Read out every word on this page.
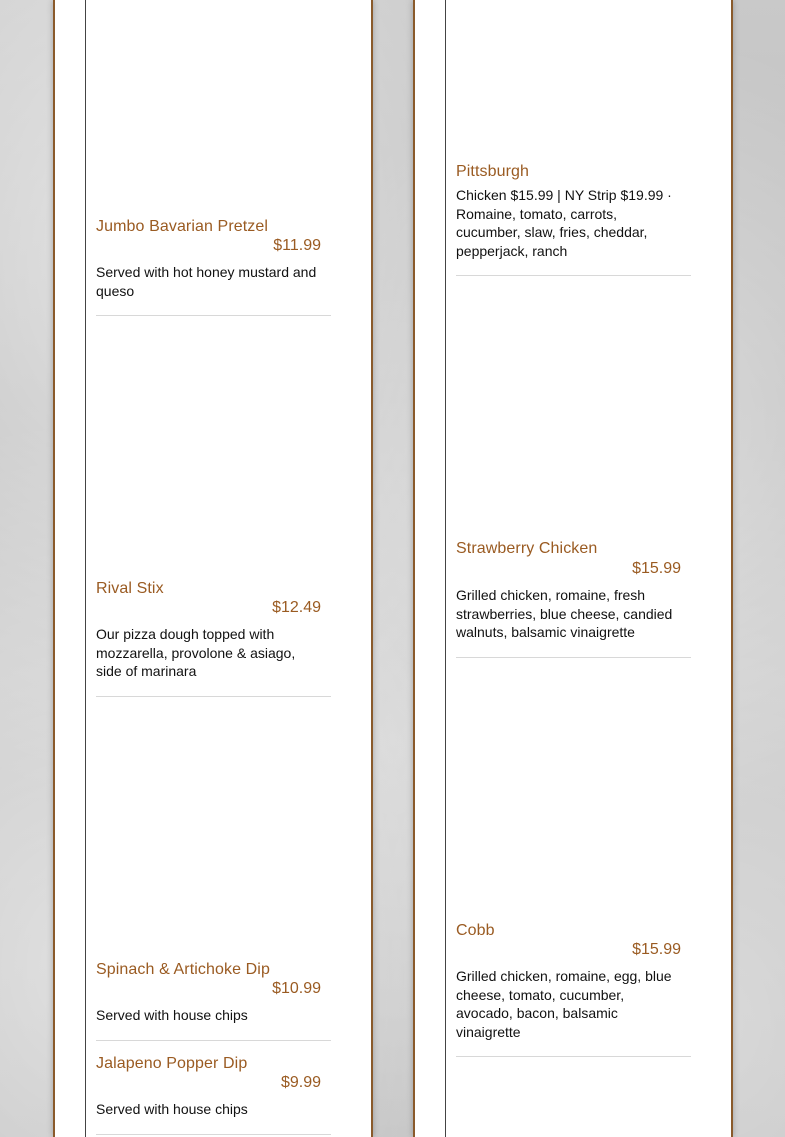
Jumbo Bavarian Pretzel
$11.99
Served with hot honey mustard and queso
Rival Stix
$12.49
Our pizza dough topped with mozzarella, provolone & asiago, side of marinara
Spinach & Artichoke Dip
$10.99
Served with house chips
Jalapeno Popper Dip
$9.99
Served with house chips
Pittsburgh
Chicken $15.99 | NY Strip $19.99 · Romaine, tomato, carrots, cucumber, slaw, fries, cheddar, pepperjack, ranch
Strawberry Chicken
$15.99
Grilled chicken, romaine, fresh strawberries, blue cheese, candied walnuts, balsamic vinaigrette
Cobb
$15.99
Grilled chicken, romaine, egg, blue cheese, tomato, cucumber, avocado, bacon, balsamic vinaigrette
